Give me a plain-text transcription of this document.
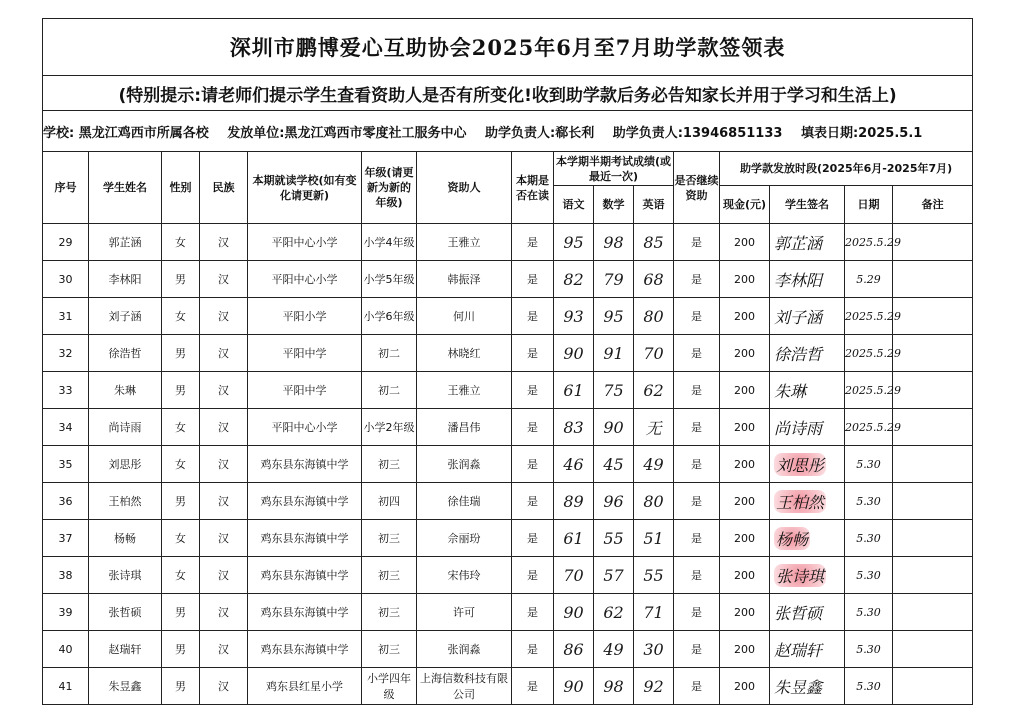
深圳市鹏博爱心互助协会2025年6月至7月助学款签领表															
(特别提示:请老师们提示学生查看资助人是否有所变化!收到助学款后务必告知家长并用于学习和生活上)															
学校: 黑龙江鸡西市所属各校 发放单位:黑龙江鸡西市零度社工服务中心 助学负责人:郗长利 助学负责人:13946851133 填表日期:2025.5.1															
序号	学生姓名	性别	民族	本期就读学校(如有变化请更新)	年级(请更新为新的年级)	资助人	本期是否在读	本学期半期考试成绩(或最近一次)			是否继续资助	助学款发放时段(2025年6月-2025年7月)			
								语文	数学	英语		现金(元)	学生签名	日期	备注
29	郭芷涵	女	汉	平阳中心小学	小学4年级	王雅立	是	95	98	85	是	200	郭芷涵	2025.5.29	
30	李林阳	男	汉	平阳中心小学	小学5年级	韩振泽	是	82	79	68	是	200	李林阳	5.29	
31	刘子涵	女	汉	平阳小学	小学6年级	何川	是	93	95	80	是	200	刘子涵	2025.5.29	
32	徐浩哲	男	汉	平阳中学	初二	林晓红	是	90	91	70	是	200	徐浩哲	2025.5.29	
33	朱琳	男	汉	平阳中学	初二	王雅立	是	61	75	62	是	200	朱琳	2025.5.29	
34	尚诗雨	女	汉	平阳中心小学	小学2年级	潘昌伟	是	83	90	无	是	200	尚诗雨	2025.5.29	
35	刘思彤	女	汉	鸡东县东海镇中学	初三	张润淼	是	46	45	49	是	200	刘思彤	5.30	
36	王柏然	男	汉	鸡东县东海镇中学	初四	徐佳瑞	是	89	96	80	是	200	王柏然	5.30	
37	杨畅	女	汉	鸡东县东海镇中学	初三	佘丽玢	是	61	55	51	是	200	杨畅	5.30	
38	张诗琪	女	汉	鸡东县东海镇中学	初三	宋伟玲	是	70	57	55	是	200	张诗琪	5.30	
39	张哲硕	男	汉	鸡东县东海镇中学	初三	许可	是	90	62	71	是	200	张哲硕	5.30	
40	赵瑞轩	男	汉	鸡东县东海镇中学	初三	张润淼	是	86	49	30	是	200	赵瑞轩	5.30	
41	朱昱鑫	男	汉	鸡东县红星小学	小学四年级	上海信数科技有限公司	是	90	98	92	是	200	朱昱鑫	5.30	
